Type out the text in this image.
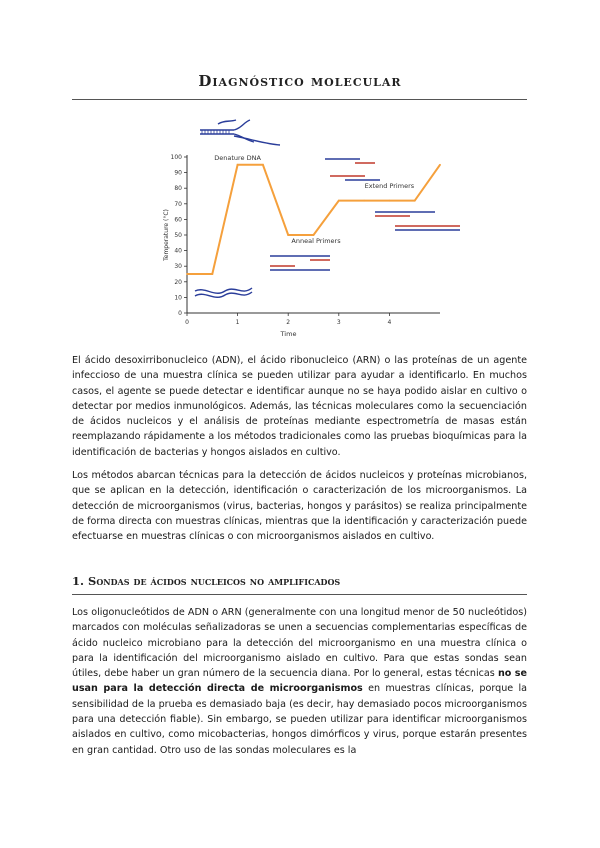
Diagnóstico molecular
0
10
20
30
40
50
60
70
80
90
100
0	1	2	3	4
Time
Temperature (°C)
Denature DNA
Anneal Primers
Extend Primers

El ácido desoxirribonucleico (ADN), el ácido ribonucleico (ARN) o las proteínas de un agente infeccioso de una muestra clínica se pueden utilizar para ayudar a identificarlo. En muchos casos, el agente se puede detectar e identificar aunque no se haya podido aislar en cultivo o detectar por medios inmunológicos. Además, las técnicas moleculares como la secuenciación de ácidos nucleicos y el análisis de proteínas mediante espectrometría de masas están reemplazando rápidamente a los métodos tradicionales como las pruebas bioquímicas para la identificación de bacterias y hongos aislados en cultivo.

Los métodos abarcan técnicas para la detección de ácidos nucleicos y proteínas microbianos, que se aplican en la detección, identificación o caracterización de los microorganismos. La detección de microorganismos (virus, bacterias, hongos y parásitos) se realiza principalmente de forma directa con muestras clínicas, mientras que la identificación y caracterización puede efectuarse en muestras clínicas o con microorganismos aislados en cultivo.

1. Sondas de ácidos nucleicos no amplificados

Los oligonucleótidos de ADN o ARN (generalmente con una longitud menor de 50 nucleótidos) marcados con moléculas señalizadoras se unen a secuencias complementarias específicas de ácido nucleico microbiano para la detección del microorganismo en una muestra clínica o para la identificación del microorganismo aislado en cultivo. Para que estas sondas sean útiles, debe haber un gran número de la secuencia diana. Por lo general, estas técnicas no se usan para la detección directa de microorganismos en muestras clínicas, porque la sensibilidad de la prueba es demasiado baja (es decir, hay demasiado pocos microorganismos para una detección fiable). Sin embargo, se pueden utilizar para identificar microorganismos aislados en cultivo, como micobacterias, hongos dimórficos y virus, porque estarán presentes en gran cantidad. Otro uso de las sondas moleculares es la
